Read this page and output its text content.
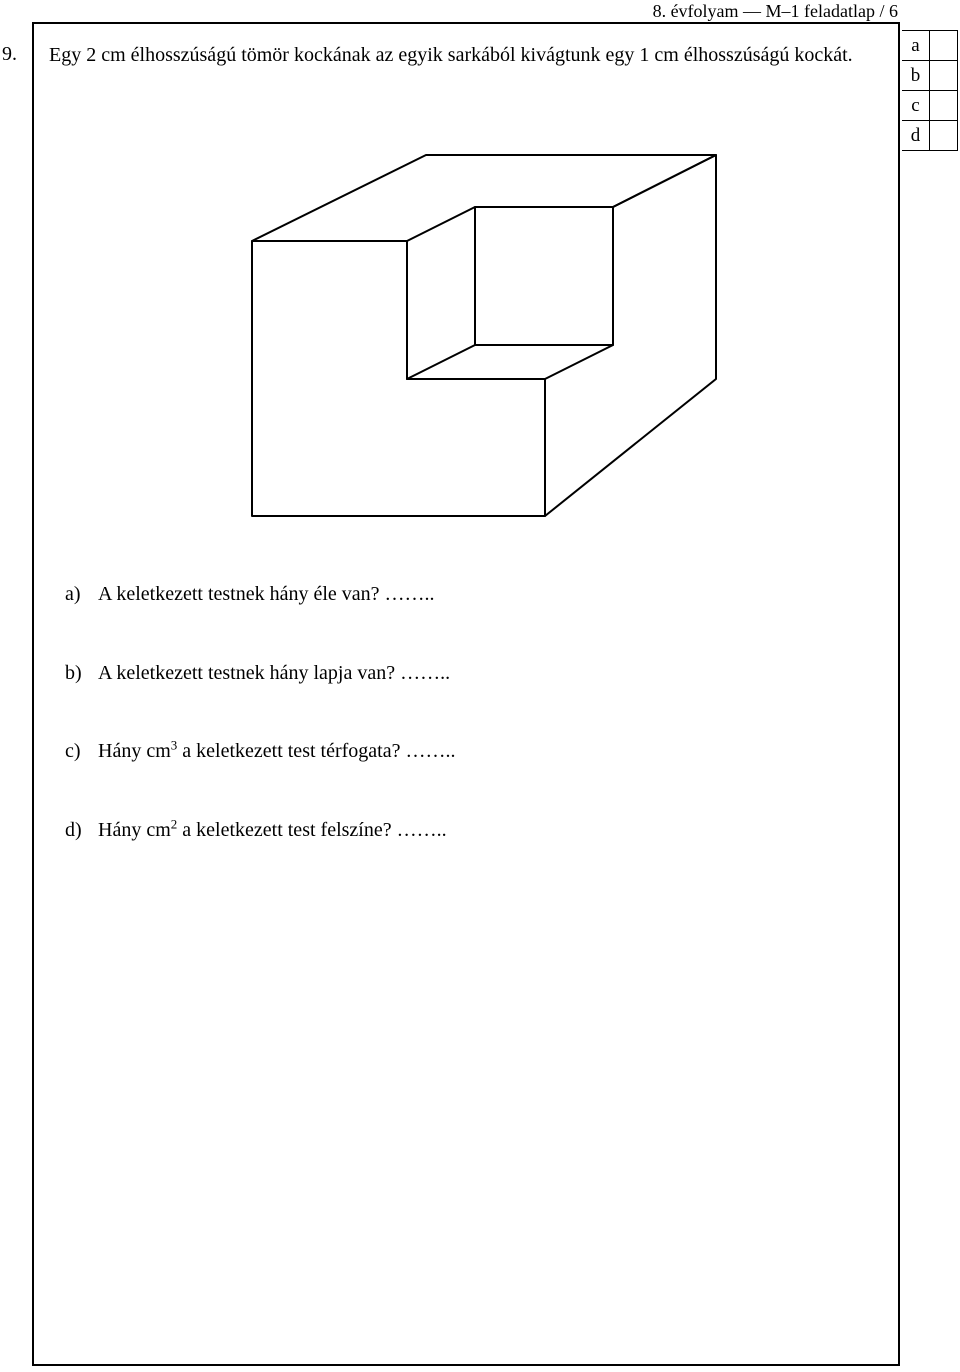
8. évfolyam — M–1 feladatlap / 6
9. Egy 2 cm élhosszúságú tömör kockának az egyik sarkából kivágtunk egy 1 cm élhosszúságú kockát.	a	
b	
c	
d	
a) A keletkezett testnek hány éle van? ……..
b) A keletkezett testnek hány lapja van? ……..
c) Hány $cm^3$ a keletkezett test térfogata? ……..
d) Hány $cm^2$ a keletkezett test felszíne? ……..
